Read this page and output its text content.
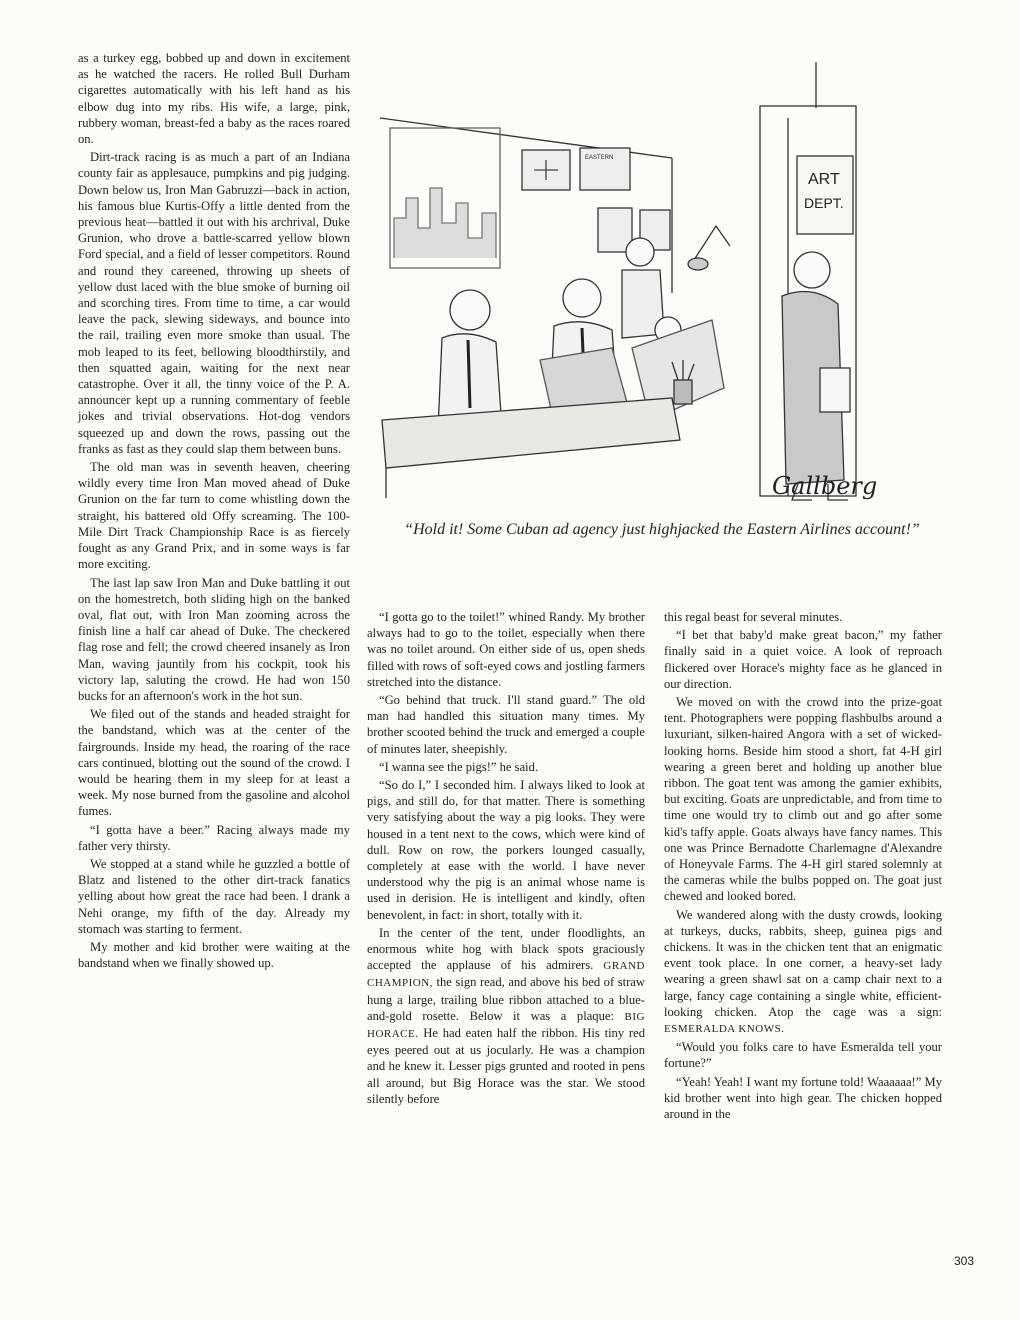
as a turkey egg, bobbed up and down in excitement as he watched the racers. He rolled Bull Durham cigarettes automatically with his left hand as his elbow dug into my ribs. His wife, a large, pink, rubbery woman, breast-fed a baby as the races roared on.

Dirt-track racing is as much a part of an Indiana county fair as applesauce, pumpkins and pig judging. Down below us, Iron Man Gabruzzi—back in action, his famous blue Kurtis-Offy a little dented from the previous heat—battled it out with his archrival, Duke Grunion, who drove a battle-scarred yellow blown Ford special, and a field of lesser competitors. Round and round they careened, throwing up sheets of yellow dust laced with the blue smoke of burning oil and scorching tires. From time to time, a car would leave the pack, slewing sideways, and bounce into the rail, trailing even more smoke than usual. The mob leaped to its feet, bellowing bloodthirstily, and then squatted again, waiting for the next near catastrophe. Over it all, the tinny voice of the P. A. announcer kept up a running commentary of feeble jokes and trivial observations. Hot-dog vendors squeezed up and down the rows, passing out the franks as fast as they could slap them between buns.

The old man was in seventh heaven, cheering wildly every time Iron Man moved ahead of Duke Grunion on the far turn to come whistling down the straight, his battered old Offy screaming. The 100-Mile Dirt Track Championship Race is as fiercely fought as any Grand Prix, and in some ways is far more exciting.

The last lap saw Iron Man and Duke battling it out on the homestretch, both sliding high on the banked oval, flat out, with Iron Man zooming across the finish line a half car ahead of Duke. The checkered flag rose and fell; the crowd cheered insanely as Iron Man, waving jauntily from his cockpit, took his victory lap, saluting the crowd. He had won 150 bucks for an afternoon's work in the hot sun.

We filed out of the stands and headed straight for the bandstand, which was at the center of the fairgrounds. Inside my head, the roaring of the race cars continued, blotting out the sound of the crowd. I would be hearing them in my sleep for at least a week. My nose burned from the gasoline and alcohol fumes.

“I gotta have a beer.” Racing always made my father very thirsty.

We stopped at a stand while he guzzled a bottle of Blatz and listened to the other dirt-track fanatics yelling about how great the race had been. I drank a Nehi orange, my fifth of the day. Already my stomach was starting to ferment.

My mother and kid brother were waiting at the bandstand when we finally showed up.

ART
DEPT.
EASTERN
Gallberg
“Hold it! Some Cuban ad agency just highjacked the Eastern Airlines account!”

“I gotta go to the toilet!” whined Randy. My brother always had to go to the toilet, especially when there was no toilet around. On either side of us, open sheds filled with rows of soft-eyed cows and jostling farmers stretched into the distance.

“Go behind that truck. I'll stand guard.” The old man had handled this situation many times. My brother scooted behind the truck and emerged a couple of minutes later, sheepishly.

“I wanna see the pigs!” he said.

“So do I,” I seconded him. I always liked to look at pigs, and still do, for that matter. There is something very satisfying about the way a pig looks. They were housed in a tent next to the cows, which were kind of dull. Row on row, the porkers lounged casually, completely at ease with the world. I have never understood why the pig is an animal whose name is used in derision. He is intelligent and kindly, often benevolent, in fact: in short, totally with it.

In the center of the tent, under floodlights, an enormous white hog with black spots graciously accepted the applause of his admirers. GRAND CHAMPION, the sign read, and above his bed of straw hung a large, trailing blue ribbon attached to a blue-and-gold rosette. Below it was a plaque: BIG HORACE. He had eaten half the ribbon. His tiny red eyes peered out at us jocularly. He was a champion and he knew it. Lesser pigs grunted and rooted in pens all around, but Big Horace was the star. We stood silently before

this regal beast for several minutes.

“I bet that baby'd make great bacon,” my father finally said in a quiet voice. A look of reproach flickered over Horace's mighty face as he glanced in our direction.

We moved on with the crowd into the prize-goat tent. Photographers were popping flashbulbs around a luxuriant, silken-haired Angora with a set of wicked-looking horns. Beside him stood a short, fat 4-H girl wearing a green beret and holding up another blue ribbon. The goat tent was among the gamier exhibits, but exciting. Goats are unpredictable, and from time to time one would try to climb out and go after some kid's taffy apple. Goats always have fancy names. This one was Prince Bernadotte Charlemagne d'Alexandre of Honeyvale Farms. The 4-H girl stared solemnly at the cameras while the bulbs popped on. The goat just chewed and looked bored.

We wandered along with the dusty crowds, looking at turkeys, ducks, rabbits, sheep, guinea pigs and chickens. It was in the chicken tent that an enigmatic event took place. In one corner, a heavy-set lady wearing a green shawl sat on a camp chair next to a large, fancy cage containing a single white, efficient-looking chicken. Atop the cage was a sign: ESMERALDA KNOWS.

“Would you folks care to have Esmeralda tell your fortune?”

“Yeah! Yeah! I want my fortune told! Waaaaaa!” My kid brother went into high gear. The chicken hopped around in the

303
